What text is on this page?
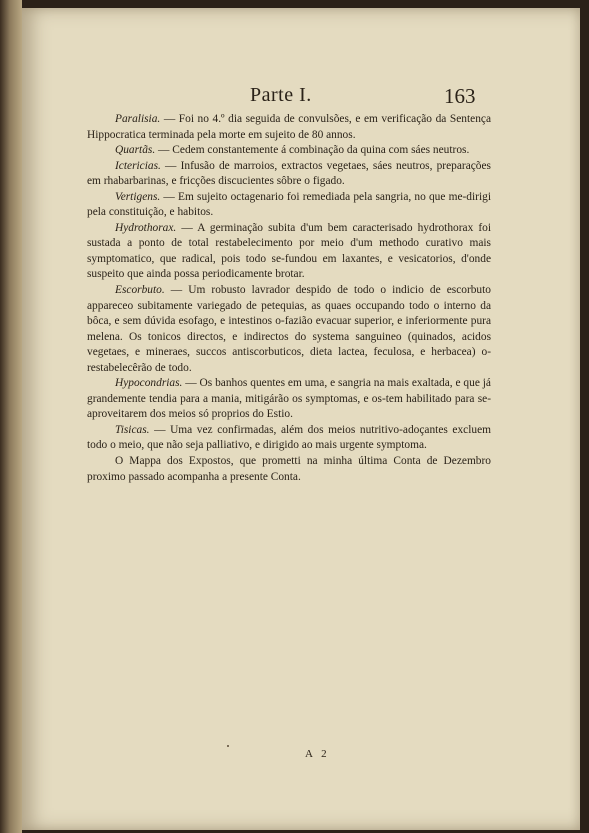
Parte I.	163

Paralisia. — Foi no 4.º dia seguida de convulsões, e em verificação da Sentença Hippocratica terminada pela morte em sujeito de 80 annos.

Quartãs. — Cedem constantemente á combinação da quina com sáes neutros.

Ictericias. — Infusão de marroios, extractos vegetaes, sáes neutros, preparações em rhabarbarinas, e fricções discucientes sôbre o figado.

Vertigens. — Em sujeito octagenario foi remediada pela sangria, no que me-dirigi pela constituição, e habitos.

Hydrothorax. — A germinação subita d'um bem caracterisado hydrothorax foi sustada a ponto de total restabelecimento por meio d'um methodo curativo mais symptomatico, que radical, pois todo se-fundou em laxantes, e vesicatorios, d'onde suspeito que ainda possa periodicamente brotar.

Escorbuto. — Um robusto lavrador despido de todo o indicio de escorbuto appareceo subitamente variegado de petequias, as quaes occupando todo o interno da bôca, e sem dúvida esofago, e intestinos o-fazião evacuar superior, e inferiormente pura melena. Os tonicos directos, e indirectos do systema sanguineo (quinados, acidos vegetaes, e mineraes, succos antiscorbuticos, dieta lactea, feculosa, e herbacea) o-restabelecêrão de todo.

Hypocondrias. — Os banhos quentes em uma, e sangria na mais exaltada, e que já grandemente tendia para a mania, mitigárão os symptomas, e os-tem habilitado para se-aproveitarem dos meios só proprios do Estio.

Tisicas. — Uma vez confirmadas, além dos meios nutritivo-adoçantes excluem todo o meio, que não seja palliativo, e dirigido ao mais urgente symptoma.

O Mappa dos Expostos, que prometti na minha última Conta de Dezembro proximo passado acompanha a presente Conta.

A 2
